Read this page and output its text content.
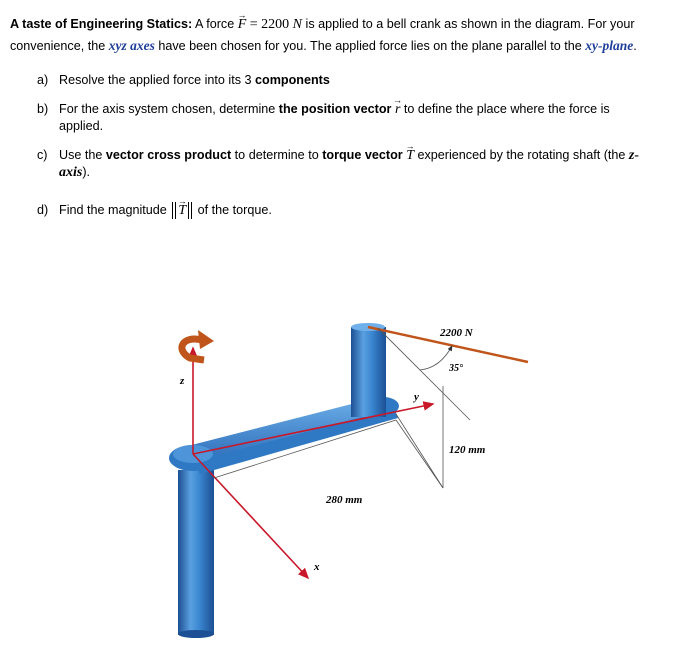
A taste of Engineering Statics: A force → F = 2200 N is applied to a bell crank as shown in the diagram. For your convenience, the xyz axes have been chosen for you. The applied force lies on the plane parallel to the xy-plane.
a) Resolve the applied force into its 3 components
b) For the axis system chosen, determine the position vector → r to define the place where the force is applied.
c) Use the vector cross product to determine to torque vector → T experienced by the rotating shaft (the z-axis).
d) Find the magnitude → T of the torque.
2200 N
35°
120 mm
280 mm
x
y
z
